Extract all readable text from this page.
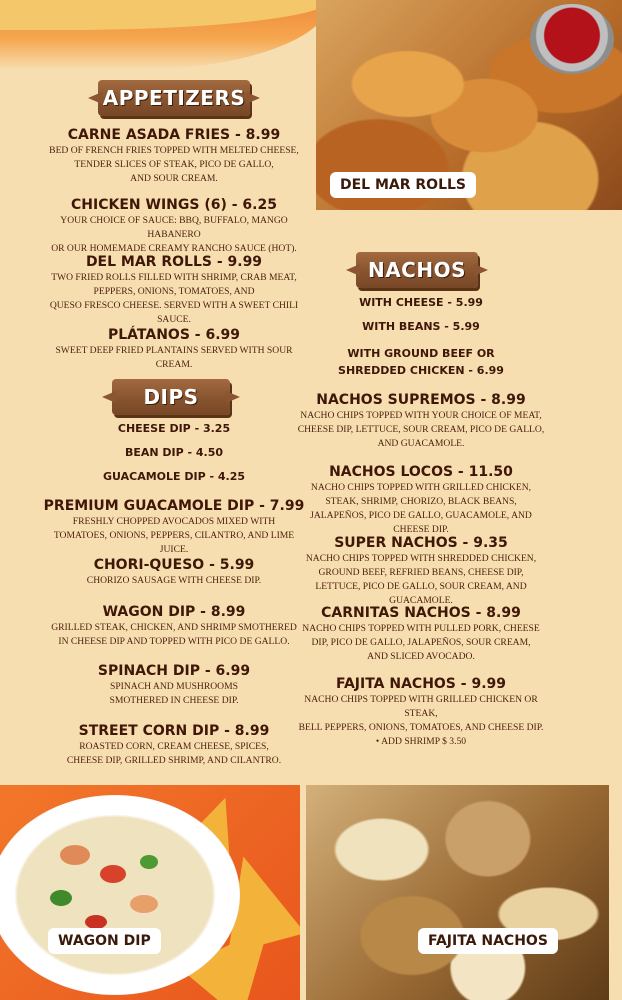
DEL MAR ROLLS
APPETIZERS
CARNE ASADA FRIES - 8.99
BED OF FRENCH FRIES TOPPED WITH MELTED CHEESE,
TENDER SLICES OF STEAK, PICO DE GALLO,
AND SOUR CREAM.
CHICKEN WINGS (6) - 6.25
YOUR CHOICE OF SAUCE: BBQ, BUFFALO, MANGO HABANERO
OR OUR HOMEMADE CREAMY RANCHO SAUCE (HOT).
DEL MAR ROLLS - 9.99
TWO FRIED ROLLS FILLED WITH SHRIMP, CRAB MEAT,
PEPPERS, ONIONS, TOMATOES, AND
QUESO FRESCO CHEESE. SERVED WITH A SWEET CHILI SAUCE.
PLÁTANOS - 6.99
SWEET DEEP FRIED PLANTAINS SERVED WITH SOUR CREAM.
DIPS
CHEESE DIP - 3.25
BEAN DIP - 4.50
GUACAMOLE DIP - 4.25
PREMIUM GUACAMOLE DIP - 7.99
FRESHLY CHOPPED AVOCADOS MIXED WITH
TOMATOES, ONIONS, PEPPERS, CILANTRO, AND LIME JUICE.
CHORI-QUESO - 5.99
CHORIZO SAUSAGE WITH CHEESE DIP.
WAGON DIP - 8.99
GRILLED STEAK, CHICKEN, AND SHRIMP SMOTHERED
IN CHEESE DIP AND TOPPED WITH PICO DE GALLO.
SPINACH DIP - 6.99
SPINACH AND MUSHROOMS
SMOTHERED IN CHEESE DIP.
STREET CORN DIP - 8.99
ROASTED CORN, CREAM CHEESE, SPICES,
CHEESE DIP, GRILLED SHRIMP, AND CILANTRO.
NACHOS
WITH CHEESE - 5.99
WITH BEANS - 5.99
WITH GROUND BEEF OR
SHREDDED CHICKEN - 6.99
NACHOS SUPREMOS - 8.99
NACHO CHIPS TOPPED WITH YOUR CHOICE OF MEAT,
CHEESE DIP, LETTUCE, SOUR CREAM, PICO DE GALLO,
AND GUACAMOLE.
NACHOS LOCOS - 11.50
NACHO CHIPS TOPPED WITH GRILLED CHICKEN,
STEAK, SHRIMP, CHORIZO, BLACK BEANS,
JALAPEÑOS, PICO DE GALLO, GUACAMOLE, AND CHEESE DIP.
SUPER NACHOS - 9.35
NACHO CHIPS TOPPED WITH SHREDDED CHICKEN,
GROUND BEEF, REFRIED BEANS, CHEESE DIP,
LETTUCE, PICO DE GALLO, SOUR CREAM, AND GUACAMOLE.
CARNITAS NACHOS - 8.99
NACHO CHIPS TOPPED WITH PULLED PORK, CHEESE
DIP, PICO DE GALLO, JALAPEÑOS, SOUR CREAM,
AND SLICED AVOCADO.
FAJITA NACHOS - 9.99
NACHO CHIPS TOPPED WITH GRILLED CHICKEN OR STEAK,
BELL PEPPERS, ONIONS, TOMATOES, AND CHEESE DIP.
• ADD SHRIMP $ 3.50
WAGON DIP	FAJITA NACHOS
